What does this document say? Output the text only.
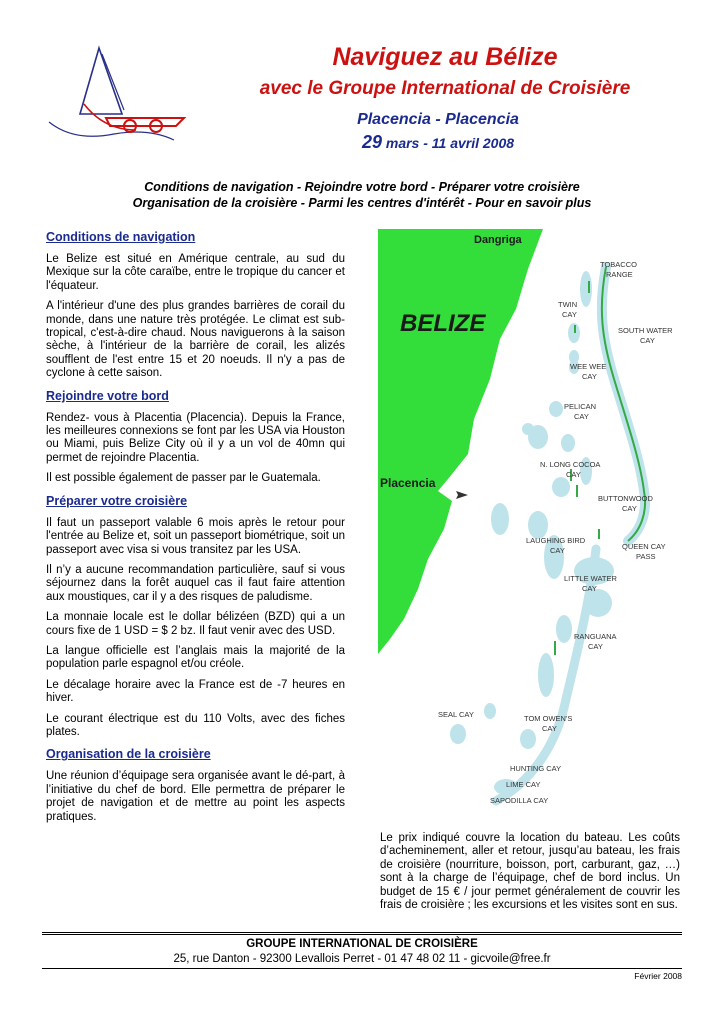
Naviguez au Bélize
avec le Groupe International de Croisière
Placencia - Placencia
29 mars - 11 avril 2008
Conditions de navigation - Rejoindre votre bord - Préparer votre croisière
Organisation de la croisière - Parmi les centres d'intérêt - Pour en savoir plus
Conditions de navigation

Le Belize est situé en Amérique centrale, au sud du Mexique sur la côte caraïbe, entre le tropique du cancer et l'équateur.

A l'intérieur d'une des plus grandes barrières de corail du monde, dans une nature très protégée. Le climat est sub-tropical, c'est-à-dire chaud. Nous naviguerons à la saison sèche, à l'intérieur de la barrière de corail, les alizés soufflent de l'est entre 15 et 20 noeuds. Il n'y a pas de cyclone à cette saison.

Rejoindre votre bord

Rendez- vous à Placentia (Placencia). Depuis la France, les meilleures connexions se font par les USA via Houston ou Miami, puis Belize City où il y a un vol de 40mn qui permet de rejoindre Placentia.

Il est possible également de passer par le Guatemala.

Préparer votre croisière

Il faut un passeport valable 6 mois après le retour pour l'entrée au Belize et, soit un passeport biométrique, soit un passeport avec visa si vous transitez par les USA.

Il n’y a aucune recommandation particulière, sauf si vous séjournez dans la forêt auquel cas il faut faire attention aux moustiques, car il y a des risques de paludisme.

La monnaie locale est le dollar bélizéen (BZD) qui a un cours fixe de 1 USD = $ 2 bz. Il faut venir avec des USD.

La langue officielle est l’anglais mais la majorité de la population parle espagnol et/ou créole.

Le décalage horaire avec la France est de -7 heures en hiver.

Le courant électrique est du 110 Volts, avec des fiches plates.

Organisation de la croisière

Une réunion d’équipage sera organisée avant le dé-part, à l’initiative du chef de bord. Elle permettra de préparer le projet de navigation et de mettre au point les aspects pratiques.

Dangriga
BELIZE
Placencia
TOBACCO
RANGE
TWIN
CAY
SOUTH WATER
CAY
WEE WEE
CAY
PELICAN
CAY
N. LONG COCOA
CAY
BUTTONWOOD
CAY
LAUGHING BIRD
CAY	QUEEN CAY
PASS
LITTLE WATER
CAY
RANGUANA
CAY
SEAL CAY	TOM OWEN'S
CAY
HUNTING CAY
LIME CAY
SAPODILLA CAY
Le prix indiqué couvre la location du bateau. Les coûts d’acheminement, aller et retour, jusqu’au bateau, les frais de croisière (nourriture, boisson, port, carburant, gaz, …) sont à la charge de l’équipage, chef de bord inclus. Un budget de 15 € / jour permet généralement de couvrir les frais de croisière ; les excursions et les visites sont en sus.
GROUPE INTERNATIONAL DE CROISIÈRE
25, rue Danton - 92300 Levallois Perret - 01 47 48 02 11 - gicvoile@free.fr
Février 2008
